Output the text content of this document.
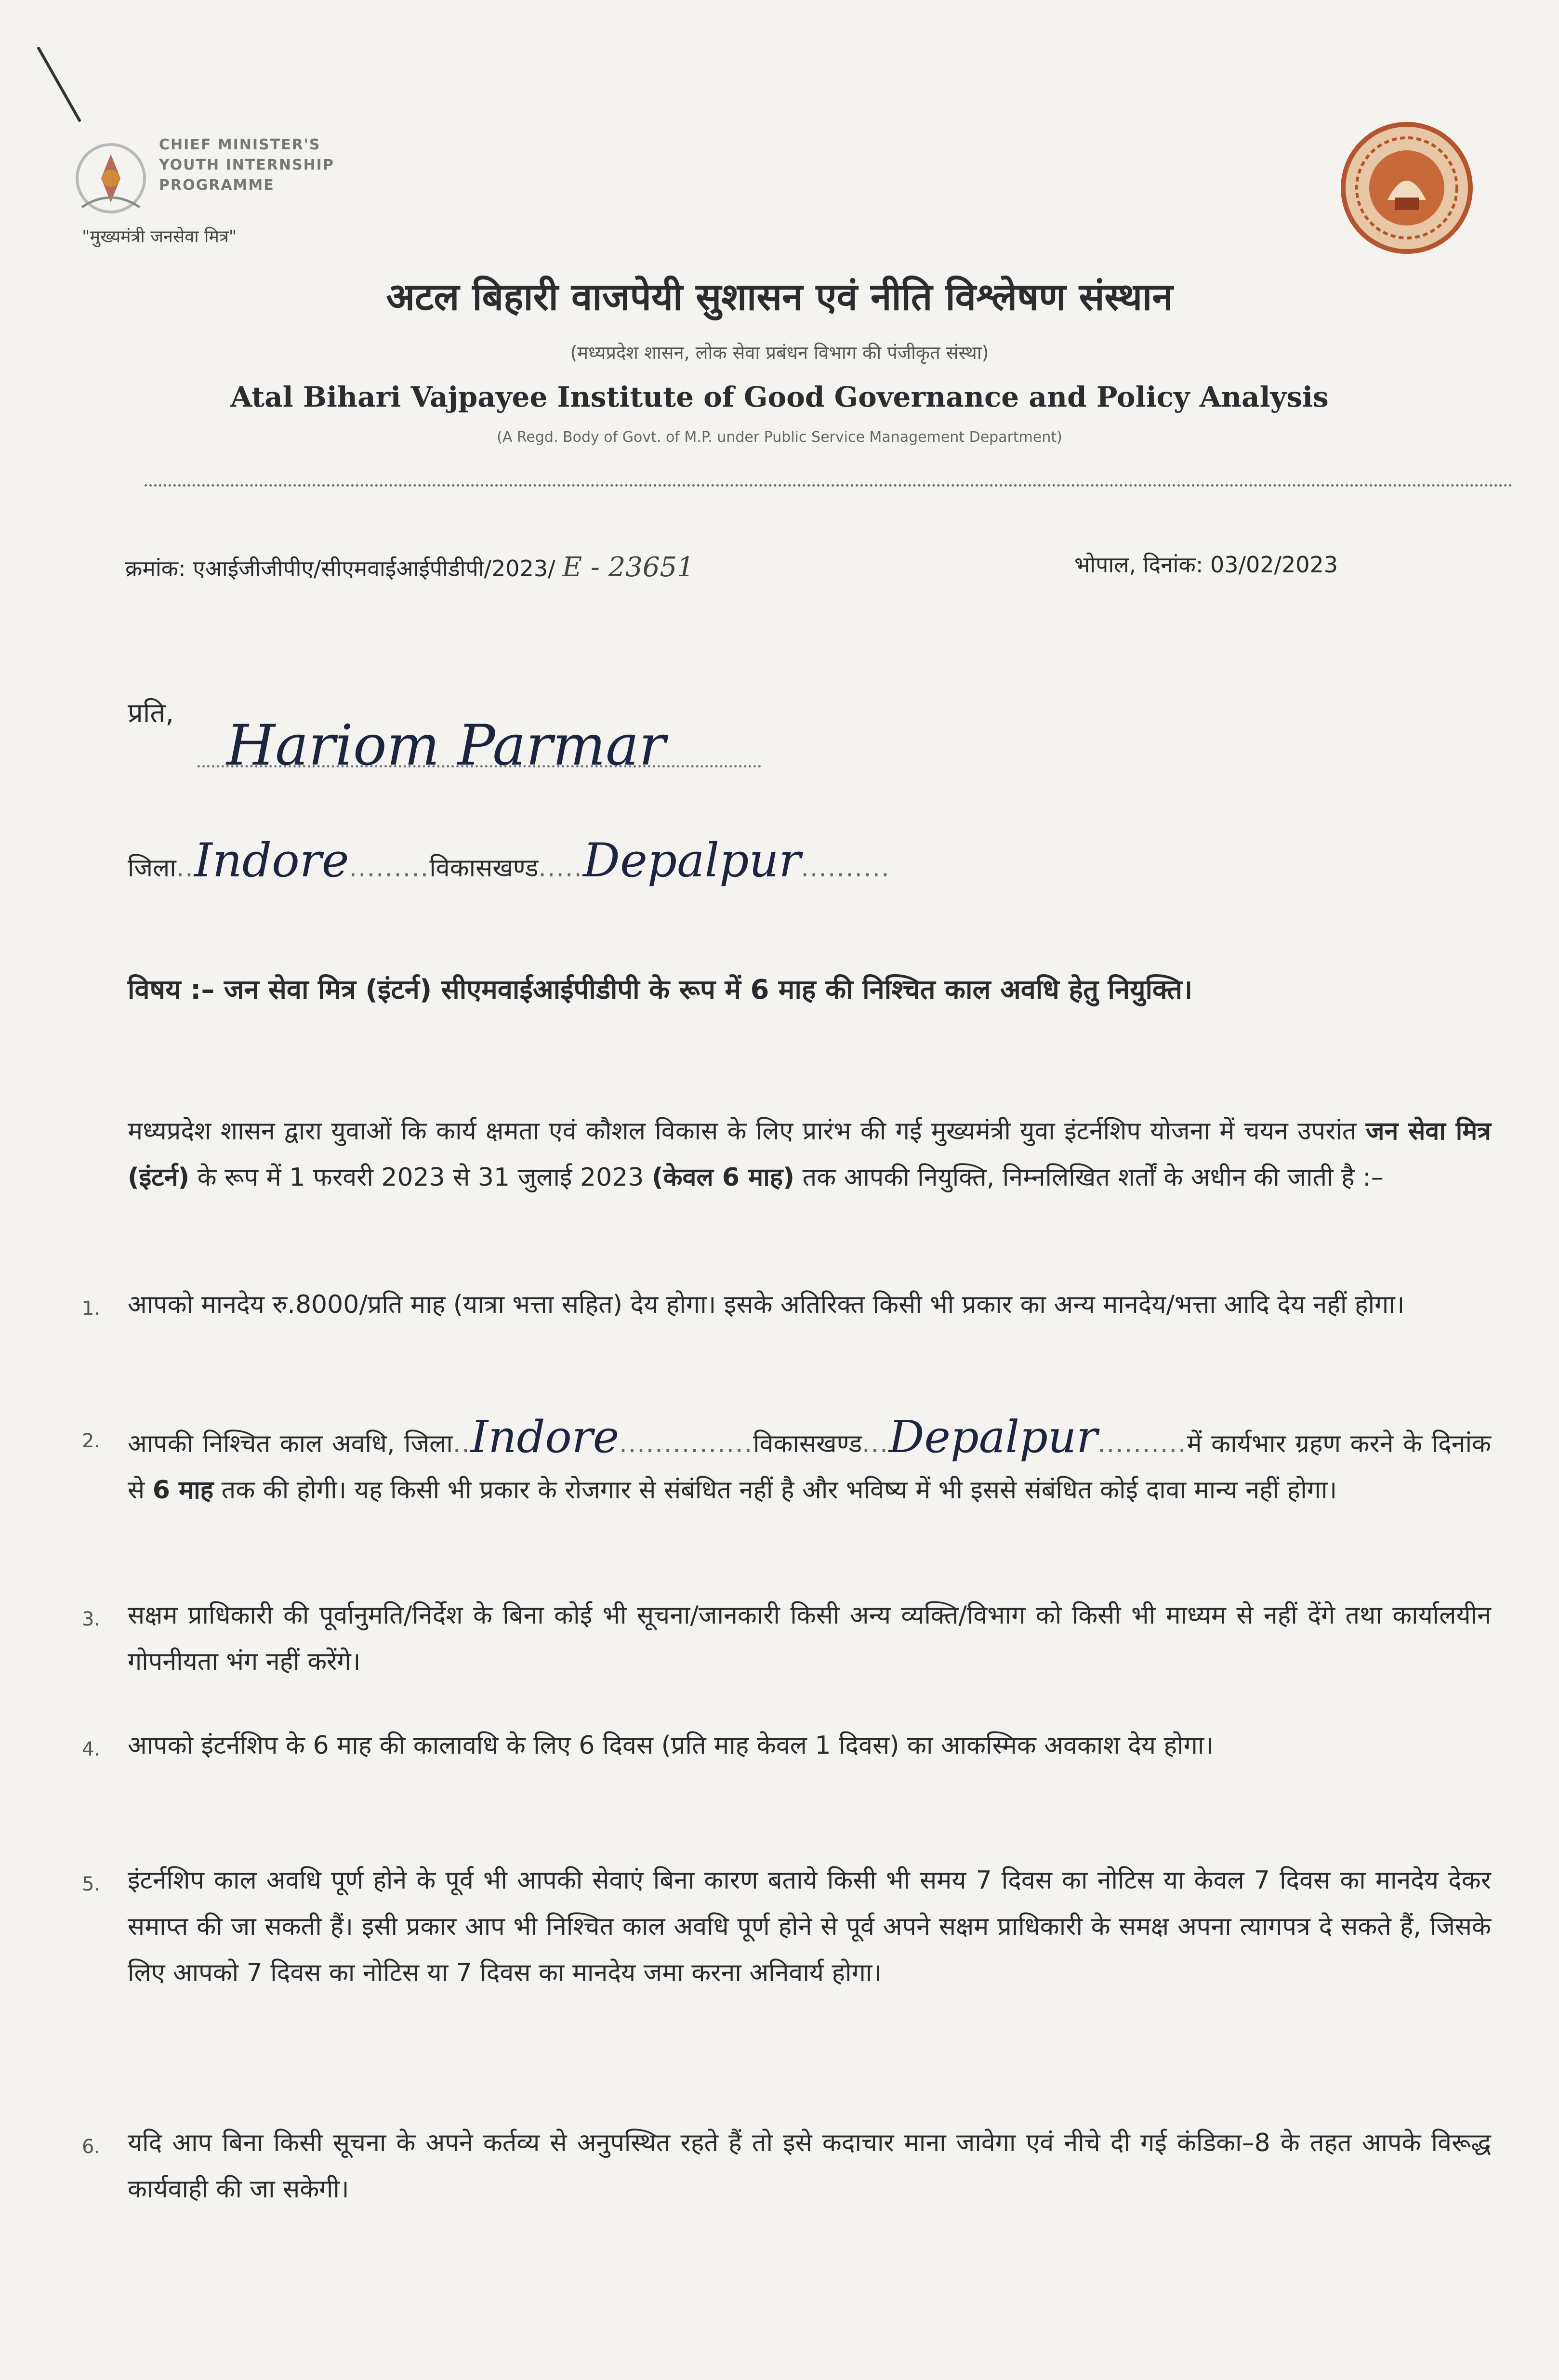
CHIEF MINISTER'S
YOUTH INTERNSHIP
PROGRAMME
"मुख्यमंत्री जनसेवा मित्र"
अटल बिहारी वाजपेयी सुशासन एवं नीति विश्लेषण संस्थान
(मध्यप्रदेश शासन, लोक सेवा प्रबंधन विभाग की पंजीकृत संस्था)
Atal Bihari Vajpayee Institute of Good Governance and Policy Analysis
(A Regd. Body of Govt. of M.P. under Public Service Management Department)
क्रमांक: एआईजीजीपीए/सीएमवाईआईपीडीपी/2023/ E - 23651	भोपाल, दिनांक: 03/02/2023
प्रति, Hariom Parmar
जिला..Indore.........विकासखण्ड.....Depalpur..........
विषय :– जन सेवा मित्र (इंटर्न) सीएमवाईआईपीडीपी के रूप में 6 माह की निश्चित काल अवधि हेतु नियुक्ति।
मध्यप्रदेश शासन द्वारा युवाओं कि कार्य क्षमता एवं कौशल विकास के लिए प्रारंभ की गई मुख्यमंत्री युवा इंटर्नशिप योजना में चयन उपरांत जन सेवा मित्र (इंटर्न) के रूप में 1 फरवरी 2023 से 31 जुलाई 2023 (केवल 6 माह) तक आपकी नियुक्ति, निम्नलिखित शर्तों के अधीन की जाती है :–
1. आपको मानदेय रु.8000/प्रति माह (यात्रा भत्ता सहित) देय होगा। इसके अतिरिक्त किसी भी प्रकार का अन्य मानदेय/भत्ता आदि देय नहीं होगा।
2. आपकी निश्चित काल अवधि, जिला..Indore...............विकासखण्ड...Depalpur..........में कार्यभार ग्रहण करने के दिनांक से 6 माह तक की होगी। यह किसी भी प्रकार के रोजगार से संबंधित नहीं है और भविष्य में भी इससे संबंधित कोई दावा मान्य नहीं होगा।
3. सक्षम प्राधिकारी की पूर्वानुमति/निर्देश के बिना कोई भी सूचना/जानकारी किसी अन्य व्यक्ति/विभाग को किसी भी माध्यम से नहीं देंगे तथा कार्यालयीन गोपनीयता भंग नहीं करेंगे।
4. आपको इंटर्नशिप के 6 माह की कालावधि के लिए 6 दिवस (प्रति माह केवल 1 दिवस) का आकस्मिक अवकाश देय होगा।
5. इंटर्नशिप काल अवधि पूर्ण होने के पूर्व भी आपकी सेवाएं बिना कारण बताये किसी भी समय 7 दिवस का नोटिस या केवल 7 दिवस का मानदेय देकर समाप्त की जा सकती हैं। इसी प्रकार आप भी निश्चित काल अवधि पूर्ण होने से पूर्व अपने सक्षम प्राधिकारी के समक्ष अपना त्यागपत्र दे सकते हैं, जिसके लिए आपको 7 दिवस का नोटिस या 7 दिवस का मानदेय जमा करना अनिवार्य होगा।
6. यदि आप बिना किसी सूचना के अपने कर्तव्य से अनुपस्थित रहते हैं तो इसे कदाचार माना जावेगा एवं नीचे दी गई कंडिका–8 के तहत आपके विरूद्ध कार्यवाही की जा सकेगी।
